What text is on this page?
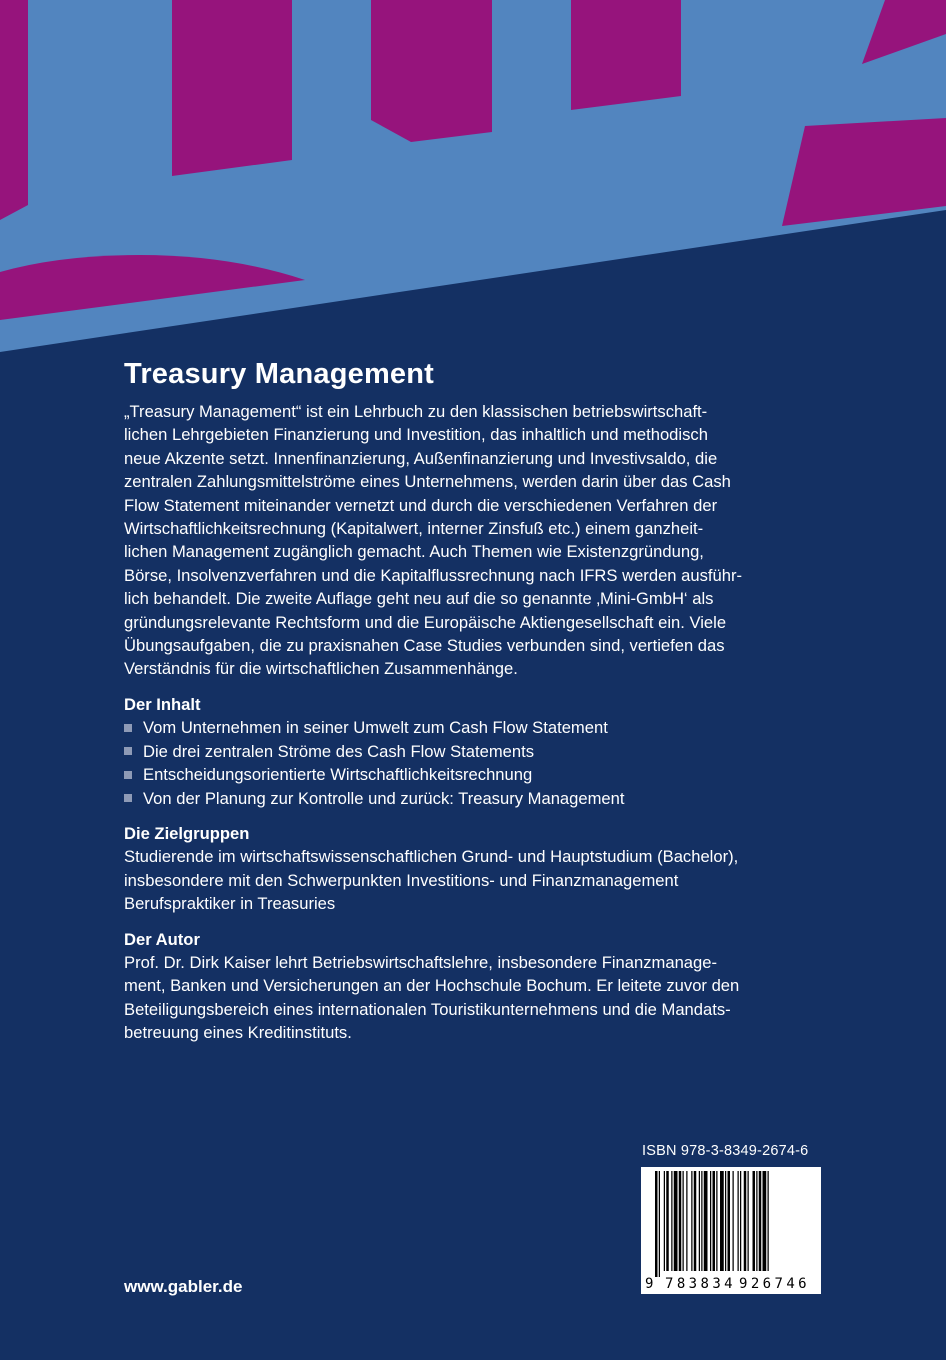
Treasury Management

„Treasury Management“ ist ein Lehrbuch zu den klassischen betriebswirtschaft-
lichen Lehrgebieten Finanzierung und Investition, das inhaltlich und methodisch
neue Akzente setzt. Innenfinanzierung, Außenfinanzierung und Investivsaldo, die
zentralen Zahlungsmittelströme eines Unternehmens, werden darin über das Cash
Flow Statement miteinander vernetzt und durch die verschiedenen Verfahren der
Wirtschaftlichkeitsrechnung (Kapitalwert, interner Zinsfuß etc.) einem ganzheit-
lichen Management zugänglich gemacht. Auch Themen wie Existenzgründung,
Börse, Insolvenzverfahren und die Kapitalflussrechnung nach IFRS werden ausführ-
lich behandelt. Die zweite Auflage geht neu auf die so genannte ‚Mini-GmbH‘ als
gründungsrelevante Rechtsform und die Europäische Aktiengesellschaft ein. Viele
Übungsaufgaben, die zu praxisnahen Case Studies verbunden sind, vertiefen das
Verständnis für die wirtschaftlichen Zusammenhänge.

Der Inhalt
Vom Unternehmen in seiner Umwelt zum Cash Flow Statement
Die drei zentralen Ströme des Cash Flow Statements
Entscheidungsorientierte Wirtschaftlichkeitsrechnung
Von der Planung zur Kontrolle und zurück: Treasury Management
Die Zielgruppen

Studierende im wirtschaftswissenschaftlichen Grund- und Hauptstudium (Bachelor),
insbesondere mit den Schwerpunkten Investitions- und Finanzmanagement
Berufspraktiker in Treasuries

Der Autor

Prof. Dr. Dirk Kaiser lehrt Betriebswirtschaftslehre, insbesondere Finanzmanage-
ment, Banken und Versicherungen an der Hochschule Bochum. Er leitete zuvor den
Beteiligungsbereich eines internationalen Touristikunternehmens und die Mandats-
betreuung eines Kreditinstituts.

ISBN 978-3-8349-2674-6
9 783834 926746
www.gabler.de
